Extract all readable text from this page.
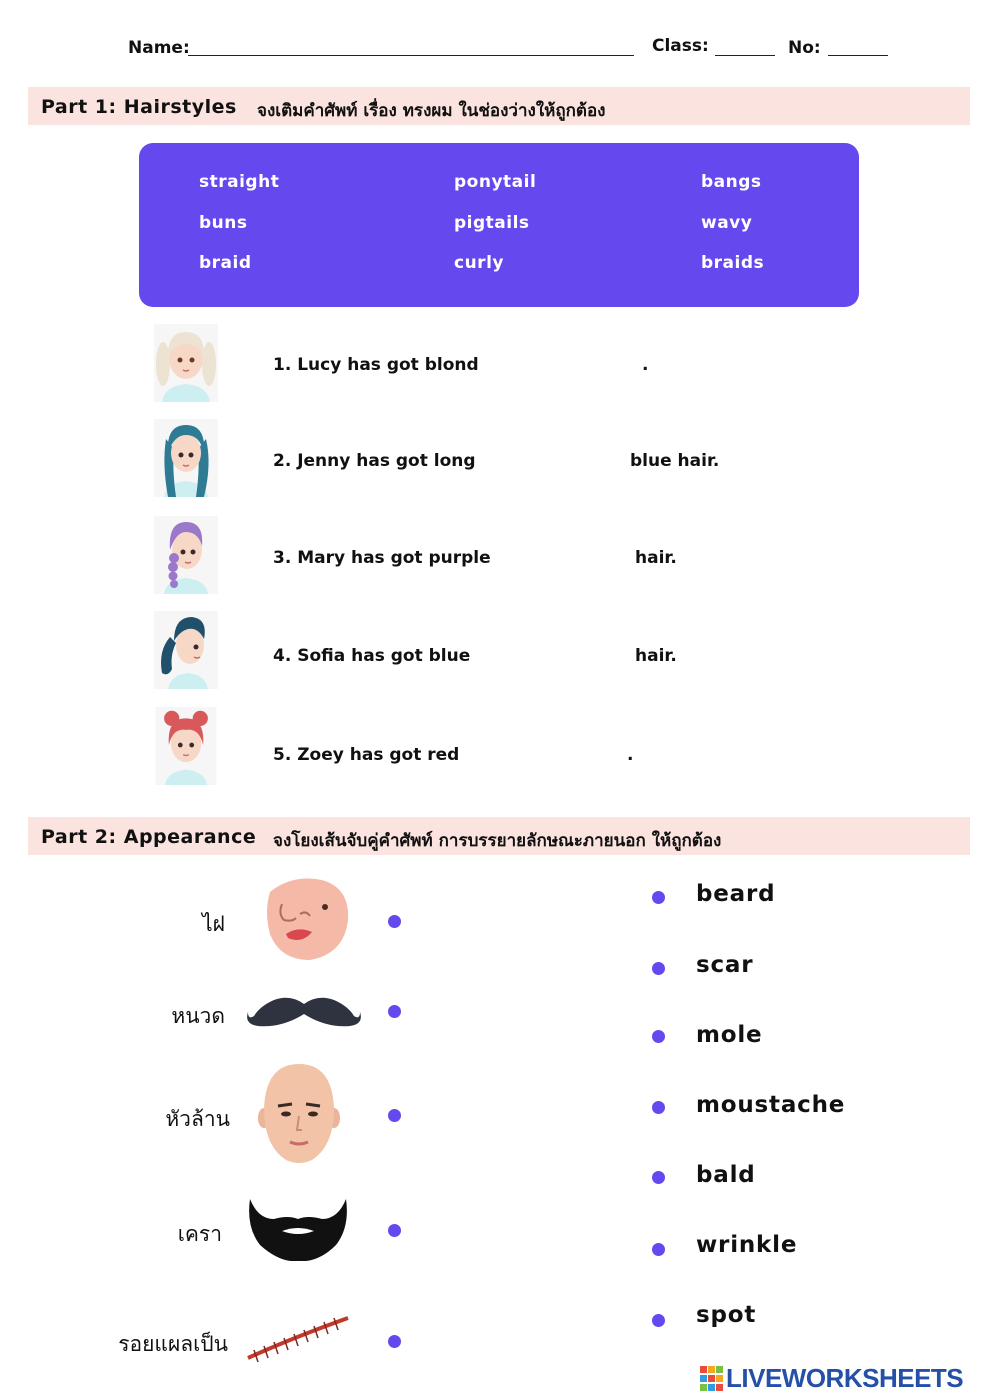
Name:	Class:	No:
Part 1: Hairstyles จงเติมคำศัพท์ เรื่อง ทรงผม ในช่องว่างให้ถูกต้อง
straight	ponytail	bangs
buns	pigtails	wavy
braid	curly	braids
1. Lucy has got blond	.
2. Jenny has got long	blue hair.
3. Mary has got purple	hair.
4. Sofia has got blue	hair.
5. Zoey has got red	.
Part 2: Appearance จงโยงเส้นจับคู่คำศัพท์ การบรรยายลักษณะภายนอก ให้ถูกต้อง
ไฝ
หนวด
หัวล้าน
เครา
รอยแผลเป็น
beard
scar
mole
moustache
bald
wrinkle
spot
LIVEWORKSHEETS
